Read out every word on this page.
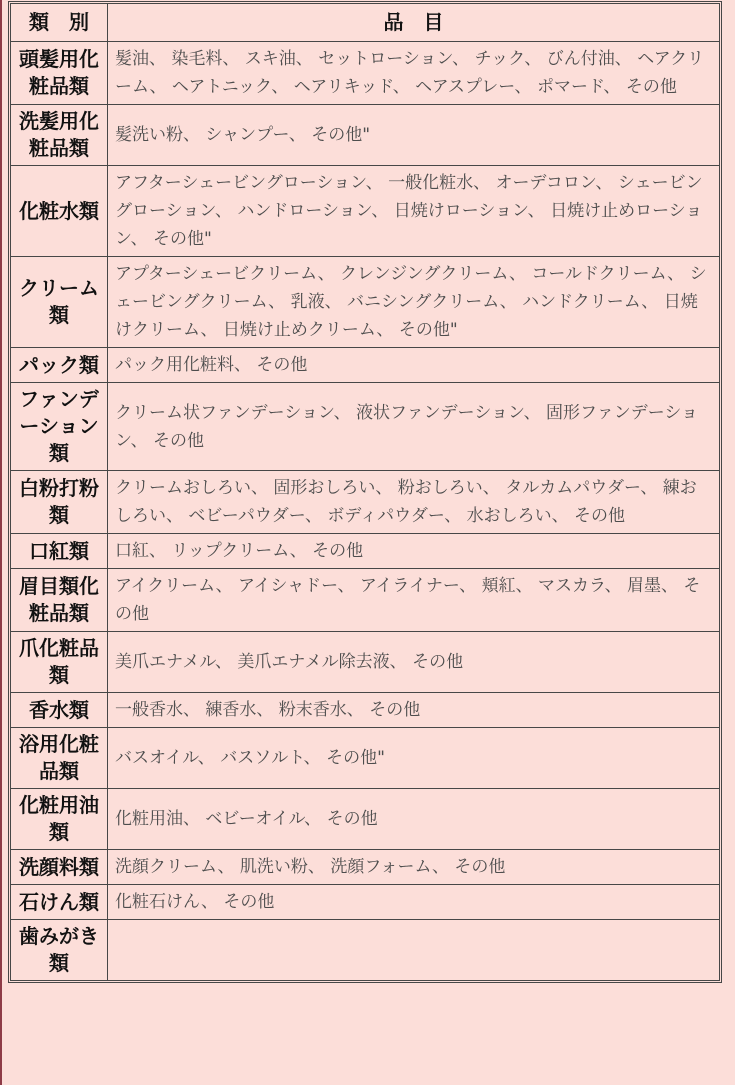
類　別	品　目
頭髪用化粧品類	髪油、 染毛料、 スキ油、 セットローション、 チック、 びん付油、 ヘアクリーム、 ヘアトニック、 ヘアリキッド、 ヘアスプレー、 ポマード、 その他
洗髪用化粧品類	髪洗い粉、 シャンプー、 その他"
化粧水類	アフターシェービングローション、 一般化粧水、 オーデコロン、 シェービングローション、 ハンドローション、 日焼けローション、 日焼け止めローション、 その他"
クリーム類	アプターシェービクリーム、 クレンジングクリーム、 コールドクリーム、 シェービングクリーム、 乳液、 バニシングクリーム、 ハンドクリーム、 日焼けクリーム、 日焼け止めクリーム、 その他"
パック類	パック用化粧料、 その他
ファンデーション類	クリーム状ファンデーション、 液状ファンデーション、 固形ファンデーション、 その他
白粉打粉類	クリームおしろい、 固形おしろい、 粉おしろい、 タルカムパウダー、 練おしろい、 ベビーパウダー、 ボディパウダー、 水おしろい、 その他
口紅類	口紅、 リップクリーム、 その他
眉目類化粧品類	アイクリーム、 アイシャドー、 アイライナー、 頬紅、 マスカラ、 眉墨、 その他
爪化粧品類	美爪エナメル、 美爪エナメル除去液、 その他
香水類	一般香水、 練香水、 粉末香水、 その他
浴用化粧品類	バスオイル、 バスソルト、 その他"
化粧用油類	化粧用油、 ベビーオイル、 その他
洗顔料類	洗顔クリーム、 肌洗い粉、 洗顔フォーム、 その他
石けん類	化粧石けん、 その他
歯みがき類	
